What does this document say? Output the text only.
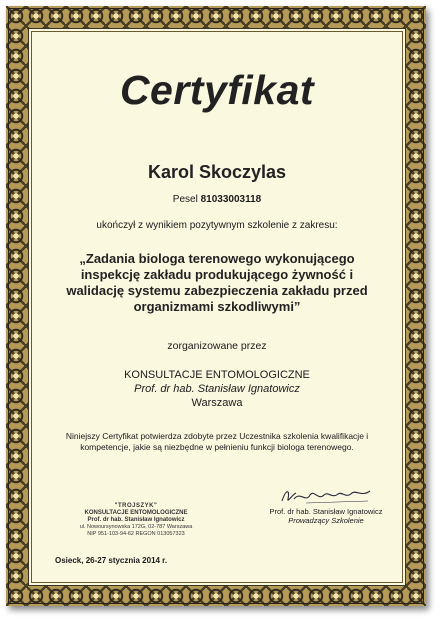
Certyfikat
Karol Skoczylas
Pesel 81033003118
ukończył z wynikiem pozytywnym szkolenie z zakresu:
„Zadania biologa terenowego wykonującego
inspekcję zakładu produkującego żywność i
walidację systemu zabezpieczenia zakładu przed
organizmami szkodliwymi”
zorganizowane przez
KONSULTACJE ENTOMOLOGICZNE
Prof. dr hab. Stanisław Ignatowicz
Warszawa
Niniejszy Certyfikat potwierdza zdobyte przez Uczestnika szkolenia kwalifikacje i kompetencje, jakie są niezbędne w pełnieniu funkcji biologa terenowego.
"TROJSZYK"
KONSULTACJE ENTOMOLOGICZNE
Prof. dr hab. Stanisław Ignatowicz
ul. Nowoursynowska 172G, 02-787 Warszawa
NIP 951-103-94-62 REGON 013057323
Prof. dr hab. Stanisław Ignatowicz
Prowadzący Szkolenie
Osieck, 26-27 stycznia 2014 r.
